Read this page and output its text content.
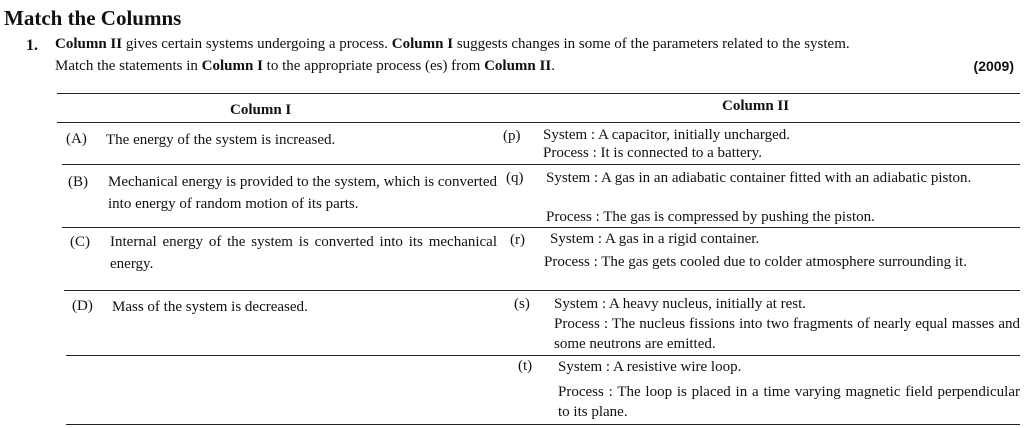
Match the Columns
1. Column II gives certain systems undergoing a process. Column I suggests changes in some of the parameters related to the system.
Match the statements in Column I to the appropriate process (es) from Column II.	(2009)
Column I	Column II
(A) The energy of the system is increased.
(B) Mechanical energy is provided to the system, which is converted into energy of random motion of its parts.
(C) Internal energy of the system is converted into its mechanical energy.
(D) Mass of the system is decreased.
(p) System : A capacitor, initially uncharged.
Process : It is connected to a battery.
(q) System : A gas in an adiabatic container fitted with an adiabatic piston.
Process : The gas is compressed by pushing the piston.
(r) System : A gas in a rigid container.
Process : The gas gets cooled due to colder atmosphere surrounding it.
(s) System : A heavy nucleus, initially at rest.
Process : The nucleus fissions into two fragments of nearly equal masses and some neutrons are emitted.
(t) System : A resistive wire loop.
Process : The loop is placed in a time varying magnetic field perpendicular to its plane.
